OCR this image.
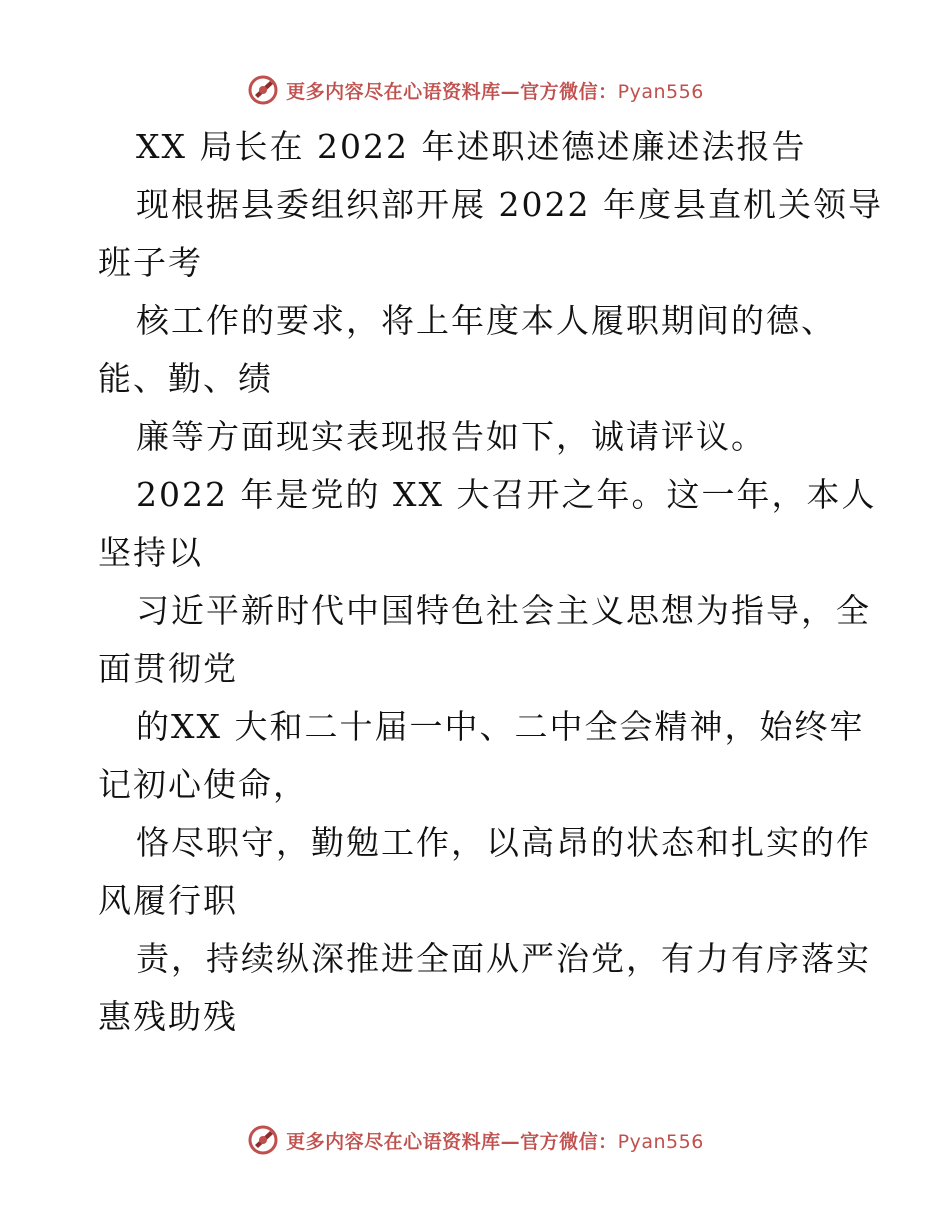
更多内容尽在心语资料库—官方微信：Pyan556
XX 局长在 2022 年述职述德述廉述法报告
现根据县委组织部开展 2022 年度县直机关领导
班子考
核工作的要求，将上年度本人履职期间的德、
能、勤、绩
廉等方面现实表现报告如下，诚请评议。
2022 年是党的 XX 大召开之年。这一年，本人
坚持以
习近平新时代中国特色社会主义思想为指导，全
面贯彻党
的XX 大和二十届一中、二中全会精神，始终牢
记初心使命，
恪尽职守，勤勉工作，以高昂的状态和扎实的作
风履行职
责，持续纵深推进全面从严治党，有力有序落实
惠残助残
更多内容尽在心语资料库—官方微信：Pyan556
